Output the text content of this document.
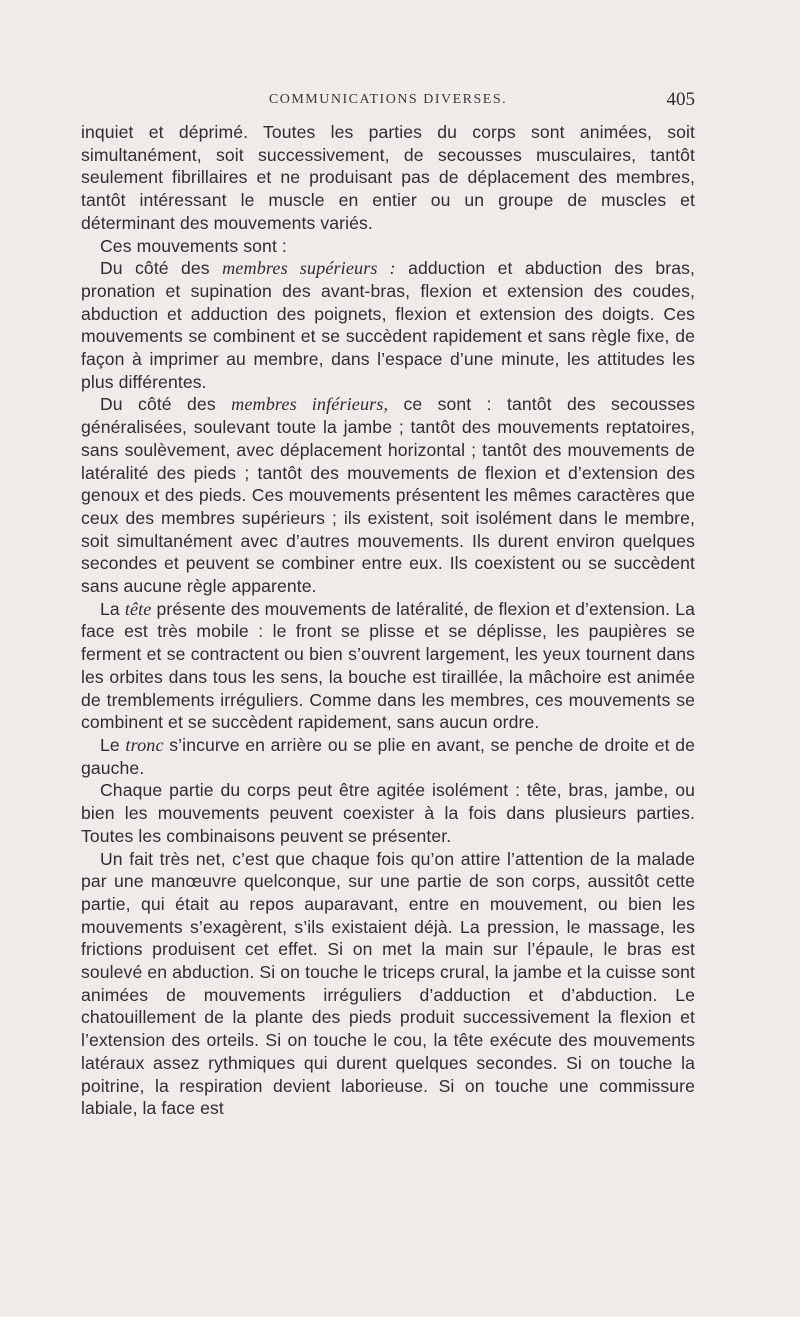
COMMUNICATIONS DIVERSES.	405

inquiet et déprimé. Toutes les parties du corps sont animées, soit simultanément, soit successivement, de secousses musculaires, tantôt seulement fibrillaires et ne produisant pas de déplacement des membres, tantôt intéressant le muscle en entier ou un groupe de muscles et déterminant des mouvements variés.

Ces mouvements sont :

Du côté des membres supérieurs : adduction et abduction des bras, pronation et supination des avant-bras, flexion et extension des coudes, abduction et adduction des poignets, flexion et extension des doigts. Ces mouvements se combinent et se succèdent rapidement et sans règle fixe, de façon à imprimer au membre, dans l’espace d’une minute, les attitudes les plus différentes.

Du côté des membres inférieurs, ce sont : tantôt des secousses généralisées, soulevant toute la jambe ; tantôt des mouvements reptatoires, sans soulèvement, avec déplacement horizontal ; tantôt des mouvements de latéralité des pieds ; tantôt des mouvements de flexion et d’extension des genoux et des pieds. Ces mouvements présentent les mêmes caractères que ceux des membres supérieurs ; ils existent, soit isolément dans le membre, soit simultanément avec d’autres mouvements. Ils durent environ quelques secondes et peuvent se combiner entre eux. Ils coexistent ou se succèdent sans aucune règle apparente.

La tête présente des mouvements de latéralité, de flexion et d’extension. La face est très mobile : le front se plisse et se déplisse, les paupières se ferment et se contractent ou bien s’ouvrent largement, les yeux tournent dans les orbites dans tous les sens, la bouche est tiraillée, la mâchoire est animée de tremblements irréguliers. Comme dans les membres, ces mouvements se combinent et se succèdent rapidement, sans aucun ordre.

Le tronc s’incurve en arrière ou se plie en avant, se penche de droite et de gauche.

Chaque partie du corps peut être agitée isolément : tête, bras, jambe, ou bien les mouvements peuvent coexister à la fois dans plusieurs parties. Toutes les combinaisons peuvent se présenter.

Un fait très net, c’est que chaque fois qu’on attire l’attention de la malade par une manœuvre quelconque, sur une partie de son corps, aussitôt cette partie, qui était au repos auparavant, entre en mouvement, ou bien les mouvements s’exagèrent, s’ils existaient déjà. La pression, le massage, les frictions produisent cet effet. Si on met la main sur l’épaule, le bras est soulevé en abduction. Si on touche le triceps crural, la jambe et la cuisse sont animées de mouvements irréguliers d’adduction et d’abduction. Le chatouillement de la plante des pieds produit successivement la flexion et l’extension des orteils. Si on touche le cou, la tête exécute des mouvements latéraux assez rythmiques qui durent quelques secondes. Si on touche la poitrine, la respiration devient laborieuse. Si on touche une commissure labiale, la face est
